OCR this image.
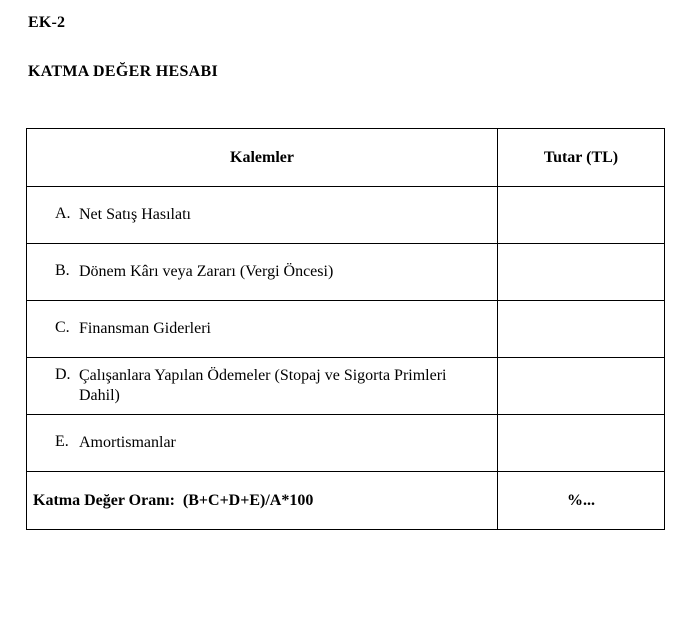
EK-2
KATMA DEĞER HESABI
Kalemler	Tutar (TL)

A. Net Satış Hasılatı	

B. Dönem Kârı veya Zararı (Vergi Öncesi)	

C. Finansman Giderleri	

D. Çalışanlara Yapılan Ödemeler (Stopaj ve Sigorta Primleri Dahil)	

E. Amortismanlar	

Katma Değer Oranı: (B+C+D+E)/A*100	%...
